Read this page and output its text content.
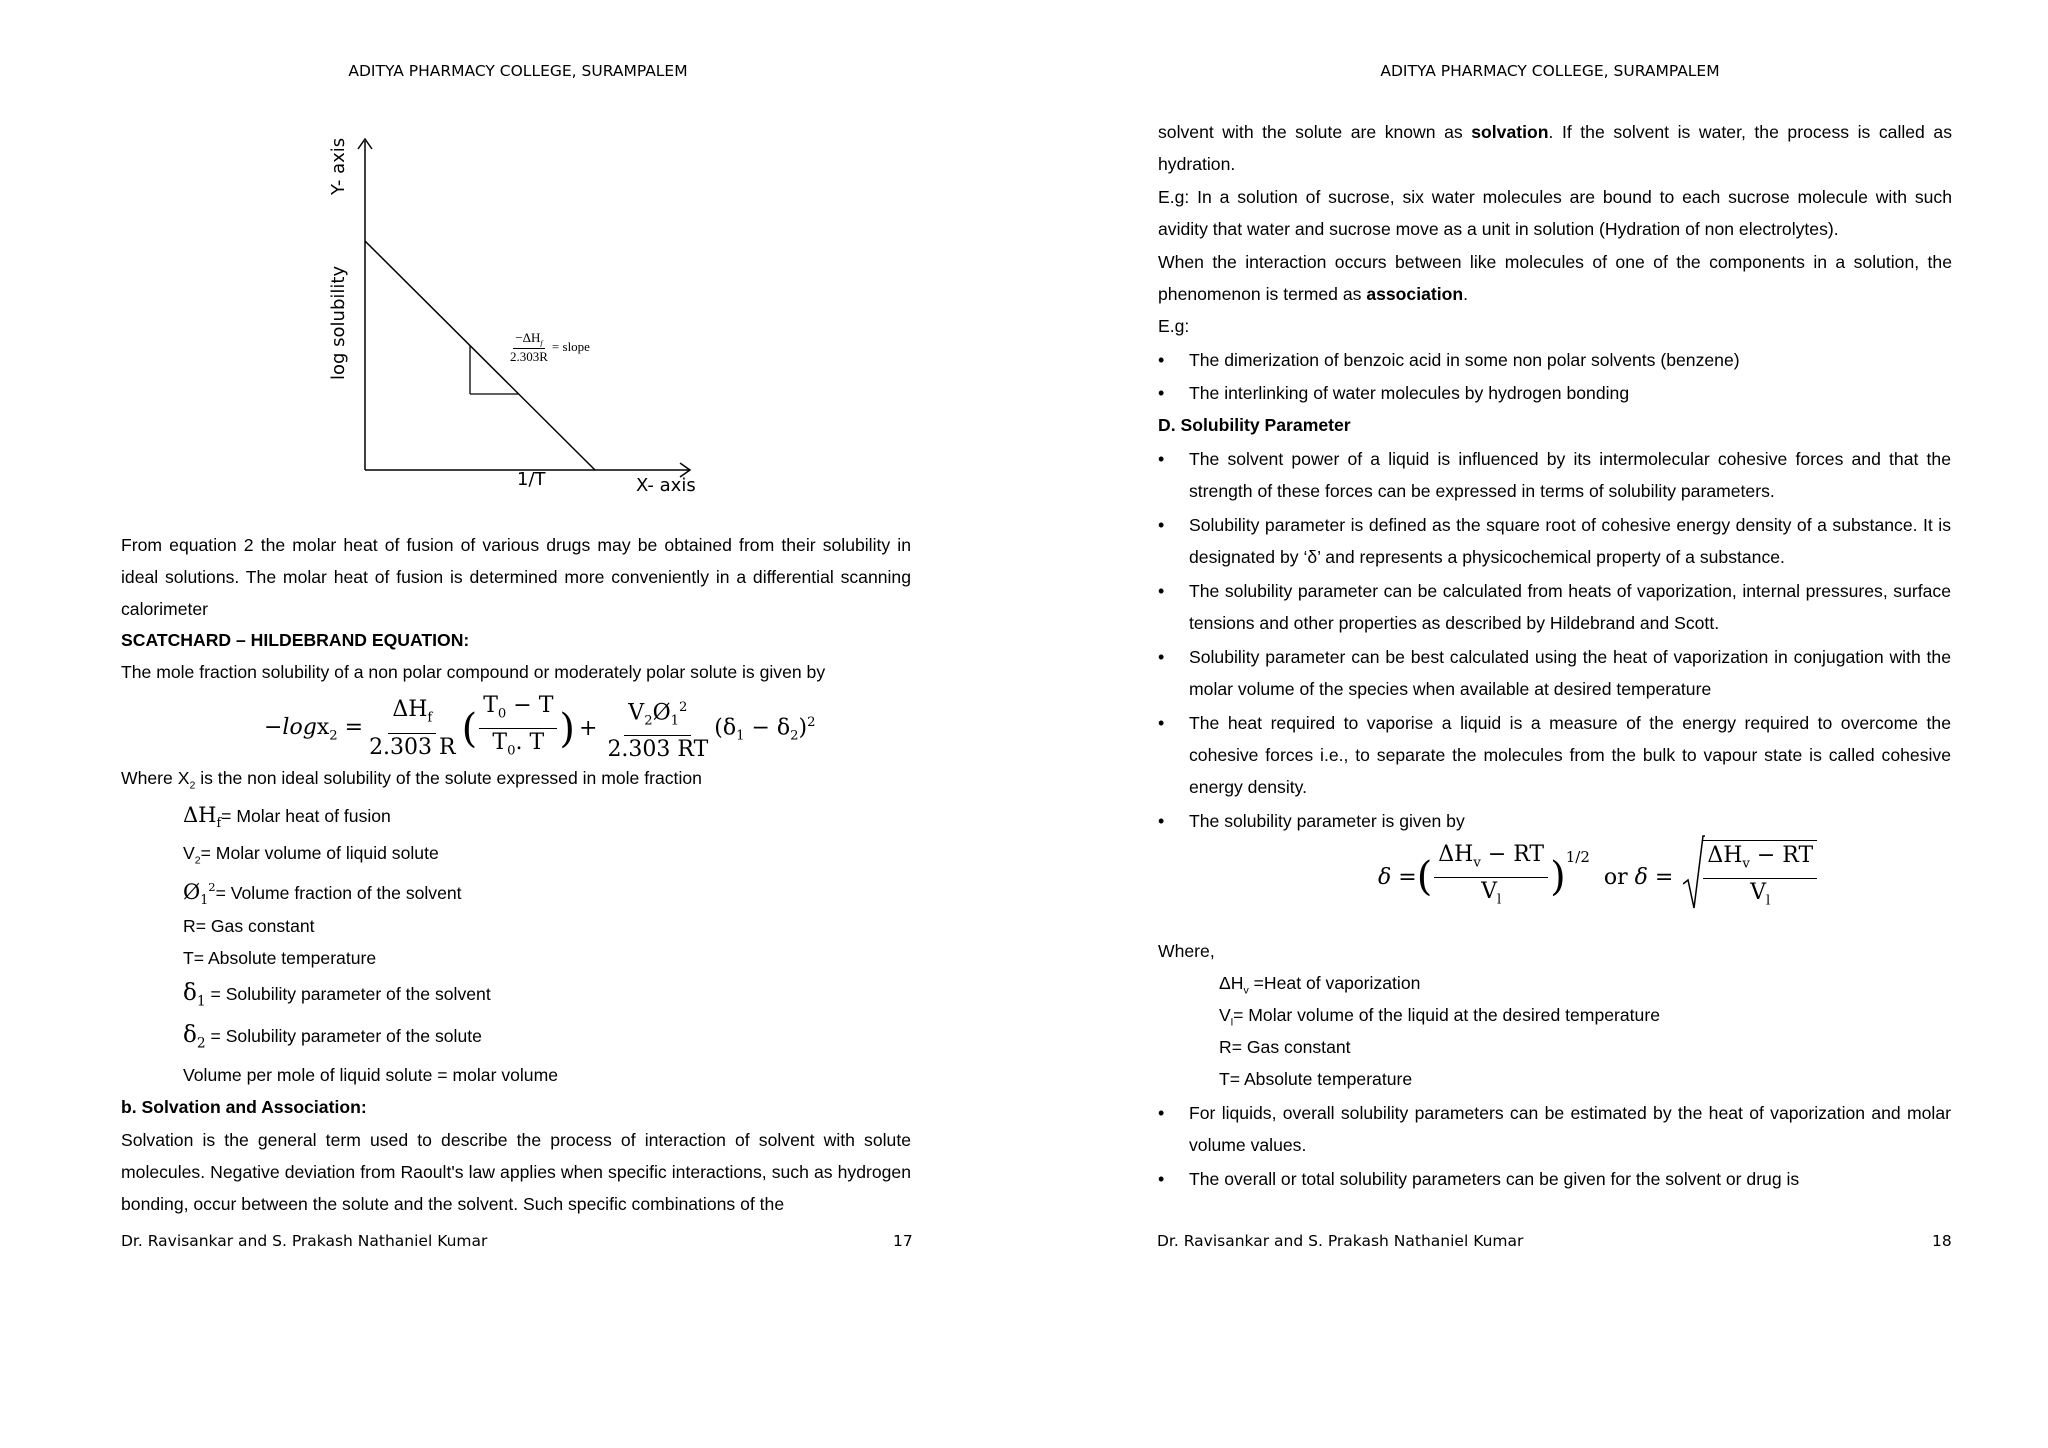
ADITYA PHARMACY COLLEGE, SURAMPALEM	ADITYA PHARMACY COLLEGE, SURAMPALEM
Y- axis
log solubility
1/T	X- axis
$-\Delta H_f$
2.303R
= slope
From equation 2 the molar heat of fusion of various drugs may be obtained from their solubility in ideal solutions. The molar heat of fusion is determined more conveniently in a differential scanning calorimeter
SCATCHARD – HILDEBRAND EQUATION:
The mole fraction solubility of a non polar compound or moderately polar solute is given by
$-\log x_2 = \frac{\Delta H_f}{2.303 R}$ ( $\frac{T_0 - T}{T_0. T}$ ) + $\frac{V_2Ø_1^2}{2.303 RT} (\delta_1 - \delta_2)^2$
Where $X_2$ is the non ideal solubility of the solute expressed in mole fraction
$\Delta H_f=$ Molar heat of fusion
$V_2=$ Molar volume of liquid solute
$Ø_1^2=$ Volume fraction of the solvent
R= Gas constant
T= Absolute temperature
$\delta_1$ = Solubility parameter of the solvent
$\delta_2$ = Solubility parameter of the solute
Volume per mole of liquid solute = molar volume
b. Solvation and Association:
Solvation is the general term used to describe the process of interaction of solvent with solute molecules. Negative deviation from Raoult's law applies when specific interactions, such as hydrogen bonding, occur between the solute and the solvent. Such specific combinations of the
Dr. Ravisankar and S. Prakash Nathaniel Kumar	17	Dr. Ravisankar and S. Prakash Nathaniel Kumar	18
solvent with the solute are known as solvation. If the solvent is water, the process is called as hydration.
E.g: In a solution of sucrose, six water molecules are bound to each sucrose molecule with such avidity that water and sucrose move as a unit in solution (Hydration of non electrolytes).
When the interaction occurs between like molecules of one of the components in a solution, the phenomenon is termed as association.
E.g:
• The dimerization of benzoic acid in some non polar solvents (benzene)
• The interlinking of water molecules by hydrogen bonding
D. Solubility Parameter
• The solvent power of a liquid is influenced by its intermolecular cohesive forces and that the strength of these forces can be expressed in terms of solubility parameters.
• Solubility parameter is defined as the square root of cohesive energy density of a substance. It is designated by ‘δ’ and represents a physicochemical property of a substance.
• The solubility parameter can be calculated from heats of vaporization, internal pressures, surface tensions and other properties as described by Hildebrand and Scott.
• Solubility parameter can be best calculated using the heat of vaporization in conjugation with the molar volume of the species when available at desired temperature
• The heat required to vaporise a liquid is a measure of the energy required to overcome the cohesive forces i.e., to separate the molecules from the bulk to vapour state is called cohesive energy density.
• The solubility parameter is given by
δ = ( $\frac{\Delta H_v - RT}{V_l}$ ) 1/2
or $\delta = \frac{\Delta H_v - RT}{V_l}$
Where,
$\Delta H_v$ =Heat of vaporization
$V_l=$ Molar volume of the liquid at the desired temperature
R= Gas constant
T= Absolute temperature
• For liquids, overall solubility parameters can be estimated by the heat of vaporization and molar volume values.
• The overall or total solubility parameters can be given for the solvent or drug is
